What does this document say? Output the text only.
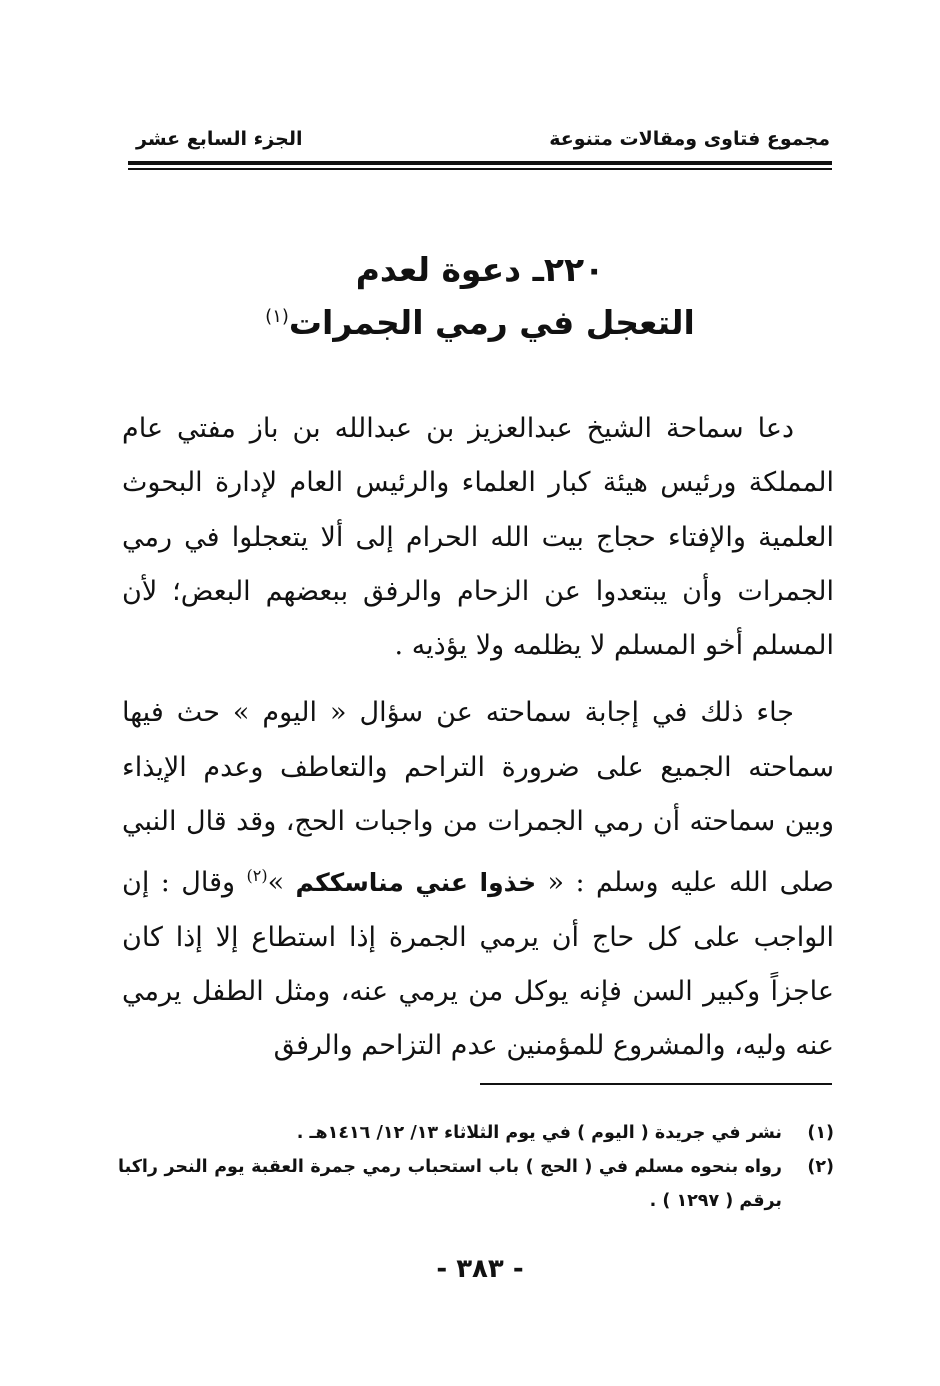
مجموع فتاوى ومقالات متنوعة
الجزء السابع عشر
٢٢٠ـ دعوة لعدم
التعجل في رمي الجمرات$^{(١)}$

دعا سماحة الشيخ عبدالعزيز بن عبدالله بن باز مفتي عام المملكة ورئيس هيئة كبار العلماء والرئيس العام لإدارة البحوث العلمية والإفتاء حجاج بيت الله الحرام إلى ألا يتعجلوا في رمي الجمرات وأن يبتعدوا عن الزحام والرفق ببعضهم البعض؛ لأن المسلم أخو المسلم لا يظلمه ولا يؤذيه .

جاء ذلك في إجابة سماحته عن سؤال « اليوم » حث فيها سماحته الجميع على ضرورة التراحم والتعاطف وعدم الإيذاء وبين سماحته أن رمي الجمرات من واجبات الحج، وقد قال النبي صلى الله عليه وسلم : « خذوا عني مناسككم »$^{(٢)}$ وقال : إن الواجب على كل حاج أن يرمي الجمرة إذا استطاع إلا إذا كان عاجزاً وكبير السن فإنه يوكل من يرمي عنه، ومثل الطفل يرمي عنه وليه، والمشروع للمؤمنين عدم التزاحم والرفق

(١)
نشر في جريدة ( اليوم ) في يوم الثلاثاء ١٣/ ١٢/ ١٤١٦هـ .
(٢)
رواه بنحوه مسلم في ( الحج ) باب استحباب رمي جمرة العقبة يوم النحر راكبا برقم ( ١٢٩٧ ) .
- ٣٨٣ -
